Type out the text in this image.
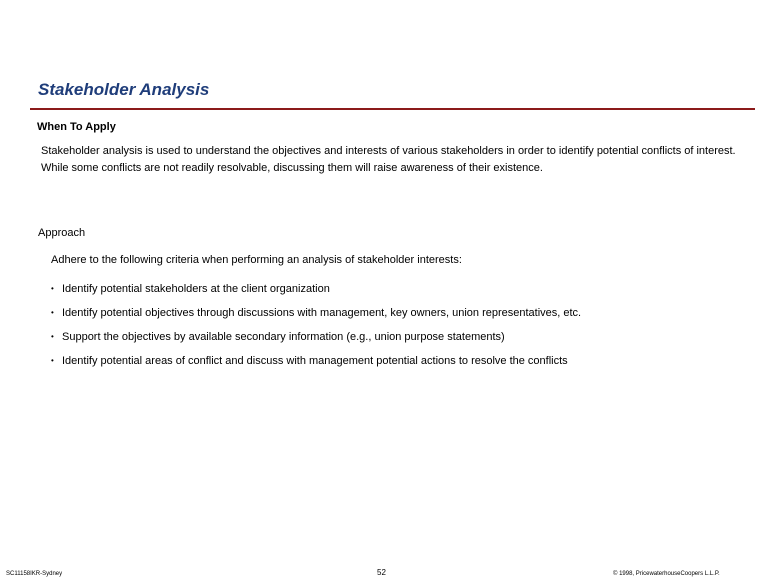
Stakeholder Analysis
When To Apply
Stakeholder analysis is used to understand the objectives and interests of various stakeholders in order to identify potential conflicts of interest. While some conflicts are not readily resolvable, discussing them will raise awareness of their existence.
Approach
Adhere to the following criteria when performing an analysis of stakeholder interests:
• Identify potential stakeholders at the client organization
• Identify potential objectives through discussions with management, key owners, union representatives, etc.
• Support the objectives by available secondary information (e.g., union purpose statements)
• Identify potential areas of conflict and discuss with management potential actions to resolve the conflicts
SC11158IKR-Sydney	52	© 1998, PricewaterhouseCoopers L.L.P.
